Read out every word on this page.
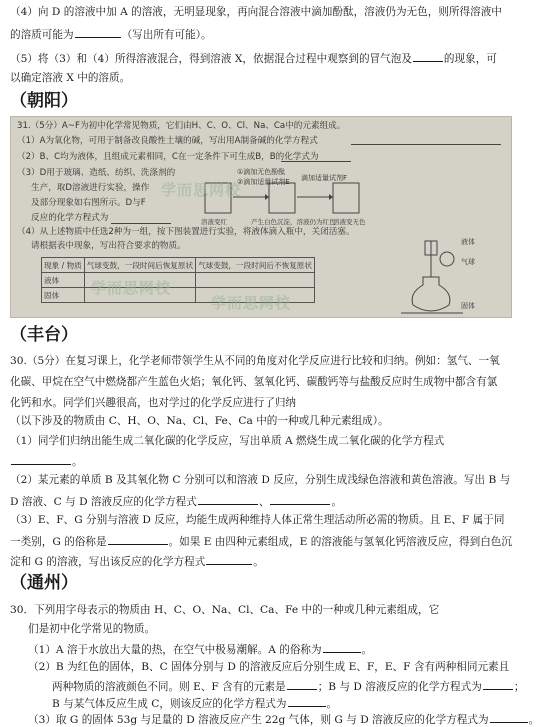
（4）向 D 的溶液中加 A 的溶液，无明显现象，再向混合溶液中滴加酚酞，溶液仍为无色，则所得溶液中
的溶质可能为	（写出所有可能）。
（5）将（3）和（4）所得溶液混合，得到溶液 X，依据混合过程中观察到的冒气泡及	的现象，可
以确定溶液 X 中的溶质。
（朝阳）
31.（5分）A~F为初中化学常见物质，它们由H、C、O、Cl、Na、Ca中的元素组成。
（1）A为氧化物，可用于制备改良酸性土壤的碱，写出用A制备碱的化学方程式
（2）B、C均为液体，且组成元素相同，C在一定条件下可生成B，B的化学式为
（3）D用于玻璃、造纸、纺织、洗涤剂的
生产，取D溶液进行实验，操作
及部分现象如右图所示。D与F
反应的化学方程式为
（4）从上述物质中任选2种为一组，按下图装置进行实验，将液体滴入瓶中，关闭活塞。
请根据表中现象，写出符合要求的物质。
①滴加无色酚酞
②滴加适量试剂E 滴加适量试剂F
溶液变红	产生白色沉淀，溶液仍为红色
溶液变无色
现象 / 物质	气球变鼓，一段时间后恢复原状	气球变鼓，一段时间后不恢复原状
液体		
固体		
液体
气球
固体
学而思网校
学而思网校
学而思网校
（丰台）
30.（5分）在复习课上，化学老师带领学生从不同的角度对化学反应进行比较和归纳。例如：氢气、一氧
化碳、甲烷在空气中燃烧都产生蓝色火焰；氧化钙、氢氧化钙、碳酸钙等与盐酸反应时生成物中都含有氯
化钙和水。同学们兴趣很高，也对学过的化学反应进行了归纳
（以下涉及的物质由 C、H、O、Na、Cl、Fe、Ca 中的一种或几种元素组成）。
（1）同学们归纳出能生成二氧化碳的化学反应，写出单质 A 燃烧生成二氧化碳的化学方程式
。
（2）某元素的单质 B 及其氧化物 C 分别可以和溶液 D 反应，分别生成浅绿色溶液和黄色溶液。写出 B 与
D 溶液、C 与 D 溶液反应的化学方程式	、	。
（3）E、F、G 分别与溶液 D 反应，均能生成两种维持人体正常生理活动所必需的物质。且 E、F 属于同
一类别，G 的俗称是	。如果 E 由四种元素组成，E 的溶液能与氢氧化钙溶液反应，得到白色沉
淀和 G 的溶液，写出该反应的化学方程式	。
（通州）
30．下列用字母表示的物质由 H、C、O、Na、Cl、Ca、Fe 中的一种或几种元素组成，它
们是初中化学常见的物质。
（1）A 溶于水放出大量的热，在空气中极易潮解。A 的俗称为	。
（2）B 为红色的固体，B、C 固体分别与 D 的溶液反应后分别生成 E、F，E、F 含有两种相同元素且
两种物质的溶液颜色不同。则 E、F 含有的元素是	；B 与 D 溶液反应的化学方程式为	；
B 与某气体反应生成 C，则该反应的化学方程式为	。
（3）取 G 的固体 53g 与足量的 D 溶液反应产生 22g 气体，则 G 与 D 溶液反应的化学方程式为	。
